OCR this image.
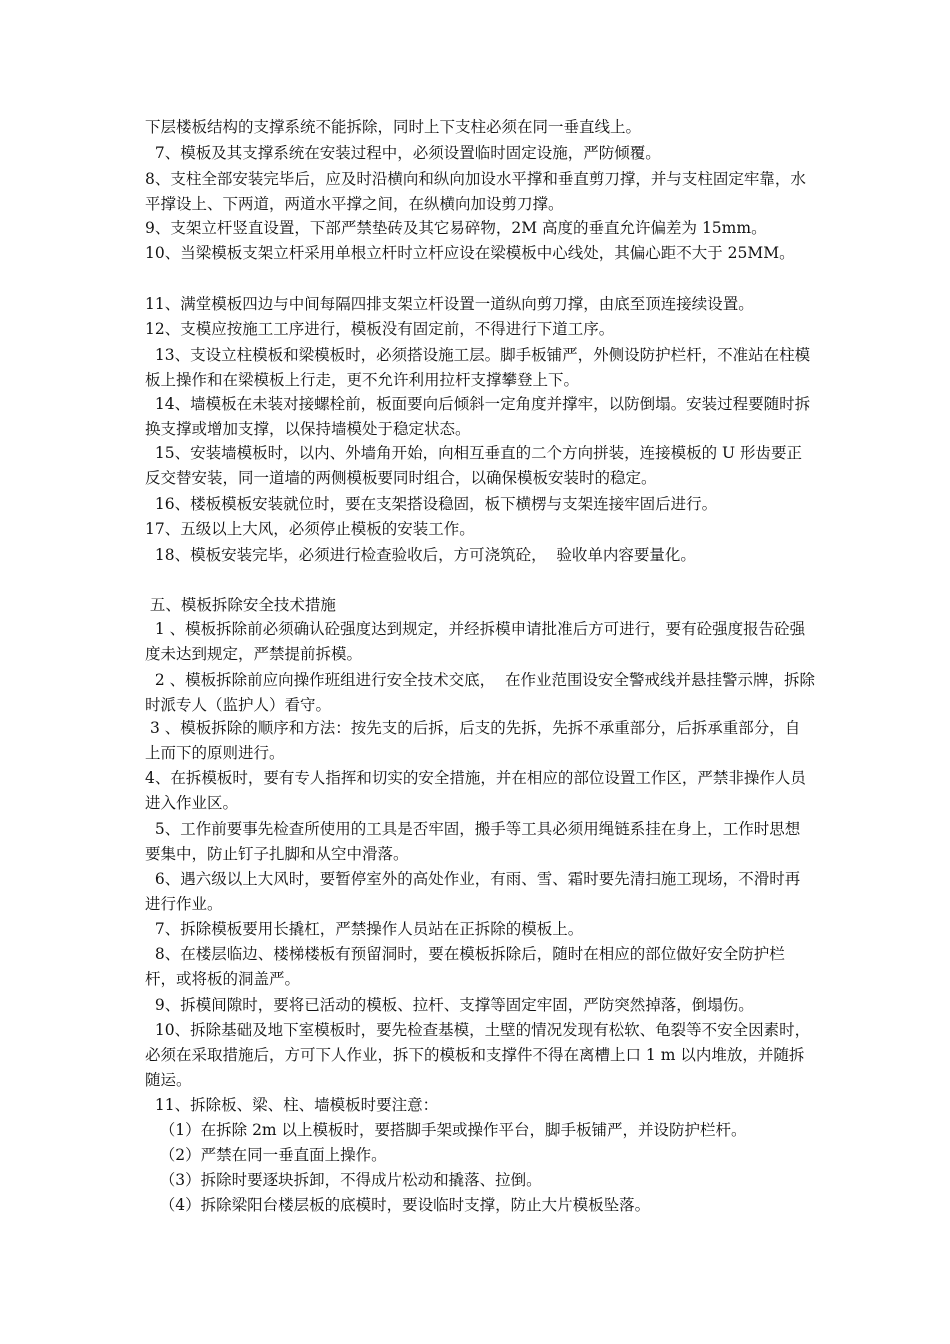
下层楼板结构的支撑系统不能拆除，同时上下支柱必须在同一垂直线上。

7、模板及其支撑系统在安装过程中，必须设置临时固定设施，严防倾覆。

8、支柱全部安装完毕后，应及时沿横向和纵向加设水平撑和垂直剪刀撑，并与支柱固定牢靠，水平撑设上、下两道，两道水平撑之间，在纵横向加设剪刀撑。

9、支架立杆竖直设置，下部严禁垫砖及其它易碎物，2M 高度的垂直允许偏差为 15mm。

10、当梁模板支架立杆采用单根立杆时立杆应设在梁模板中心线处，其偏心距不大于 25MM。

11、满堂模板四边与中间每隔四排支架立杆设置一道纵向剪刀撑，由底至顶连接续设置。

12、支模应按施工工序进行，模板没有固定前，不得进行下道工序。

13、支设立柱模板和梁模板时，必须搭设施工层。脚手板铺严，外侧设防护栏杆，不准站在柱模板上操作和在梁模板上行走，更不允许利用拉杆支撑攀登上下。

14、墙模板在未装对接螺栓前，板面要向后倾斜一定角度并撑牢，以防倒塌。安装过程要随时拆换支撑或增加支撑，以保持墙模处于稳定状态。

15、安装墙模板时，以内、外墙角开始，向相互垂直的二个方向拼装，连接模板的 U 形齿要正反交替安装，同一道墙的两侧模板要同时组合，以确保模板安装时的稳定。

16、楼板模板安装就位时，要在支架搭设稳固，板下横楞与支架连接牢固后进行。

17、五级以上大风，必须停止模板的安装工作。

18、模板安装完毕，必须进行检查验收后，方可浇筑砼，  验收单内容要量化。

五、模板拆除安全技术措施

1 、模板拆除前必须确认砼强度达到规定，并经拆模申请批准后方可进行，要有砼强度报告砼强度未达到规定，严禁提前拆模。

2 、模板拆除前应向操作班组进行安全技术交底，  在作业范围设安全警戒线并悬挂警示牌，拆除时派专人（监护人）看守。

3 、模板拆除的顺序和方法：按先支的后拆，后支的先拆，先拆不承重部分，后拆承重部分，自上而下的原则进行。

4、在拆模板时，要有专人指挥和切实的安全措施，并在相应的部位设置工作区，严禁非操作人员进入作业区。

5、工作前要事先检查所使用的工具是否牢固，搬手等工具必须用绳链系挂在身上，工作时思想要集中，防止钉子扎脚和从空中滑落。

6、遇六级以上大风时，要暂停室外的高处作业，有雨、雪、霜时要先清扫施工现场，不滑时再进行作业。

7、拆除模板要用长撬杠，严禁操作人员站在正拆除的模板上。

8、在楼层临边、楼梯楼板有预留洞时，要在模板拆除后，随时在相应的部位做好安全防护栏杆，或将板的洞盖严。

9、拆模间隙时，要将已活动的模板、拉杆、支撑等固定牢固，严防突然掉落，倒塌伤。

10、拆除基础及地下室模板时，要先检查基模，土壁的情况发现有松软、龟裂等不安全因素时，必须在采取措施后，方可下人作业，拆下的模板和支撑件不得在离槽上口 1 m 以内堆放，并随拆随运。

11、拆除板、梁、柱、墙模板时要注意：

（1）在拆除 2m 以上模板时，要搭脚手架或操作平台，脚手板铺严，并设防护栏杆。

（2）严禁在同一垂直面上操作。

（3）拆除时要逐块拆卸，不得成片松动和撬落、拉倒。

（4）拆除梁阳台楼层板的底模时，要设临时支撑，防止大片模板坠落。
